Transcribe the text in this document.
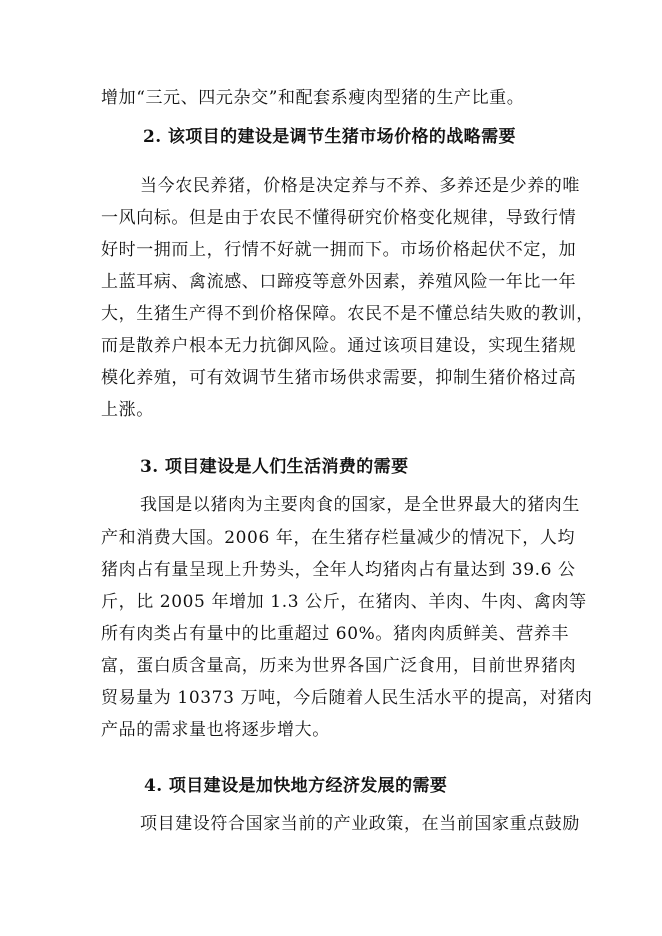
增加“三元、四元杂交”和配套系瘦肉型猪的生产比重。
2. 该项目的建设是调节生猪市场价格的战略需要
当今农民养猪，价格是决定养与不养、多养还是少养的唯
一风向标。但是由于农民不懂得研究价格变化规律，导致行情
好时一拥而上，行情不好就一拥而下。市场价格起伏不定，加
上蓝耳病、禽流感、口蹄疫等意外因素，养殖风险一年比一年
大，生猪生产得不到价格保障。农民不是不懂总结失败的教训，
而是散养户根本无力抗御风险。通过该项目建设，实现生猪规
模化养殖，可有效调节生猪市场供求需要，抑制生猪价格过高
上涨。
3. 项目建设是人们生活消费的需要
我国是以猪肉为主要肉食的国家，是全世界最大的猪肉生
产和消费大国。2006 年，在生猪存栏量减少的情况下，人均
猪肉占有量呈现上升势头，全年人均猪肉占有量达到 39.6 公
斤，比 2005 年增加 1.3 公斤，在猪肉、羊肉、牛肉、禽肉等
所有肉类占有量中的比重超过 60%。猪肉肉质鲜美、营养丰
富，蛋白质含量高，历来为世界各国广泛食用，目前世界猪肉
贸易量为 10373 万吨，今后随着人民生活水平的提高，对猪肉
产品的需求量也将逐步增大。
4. 项目建设是加快地方经济发展的需要
项目建设符合国家当前的产业政策，在当前国家重点鼓励
